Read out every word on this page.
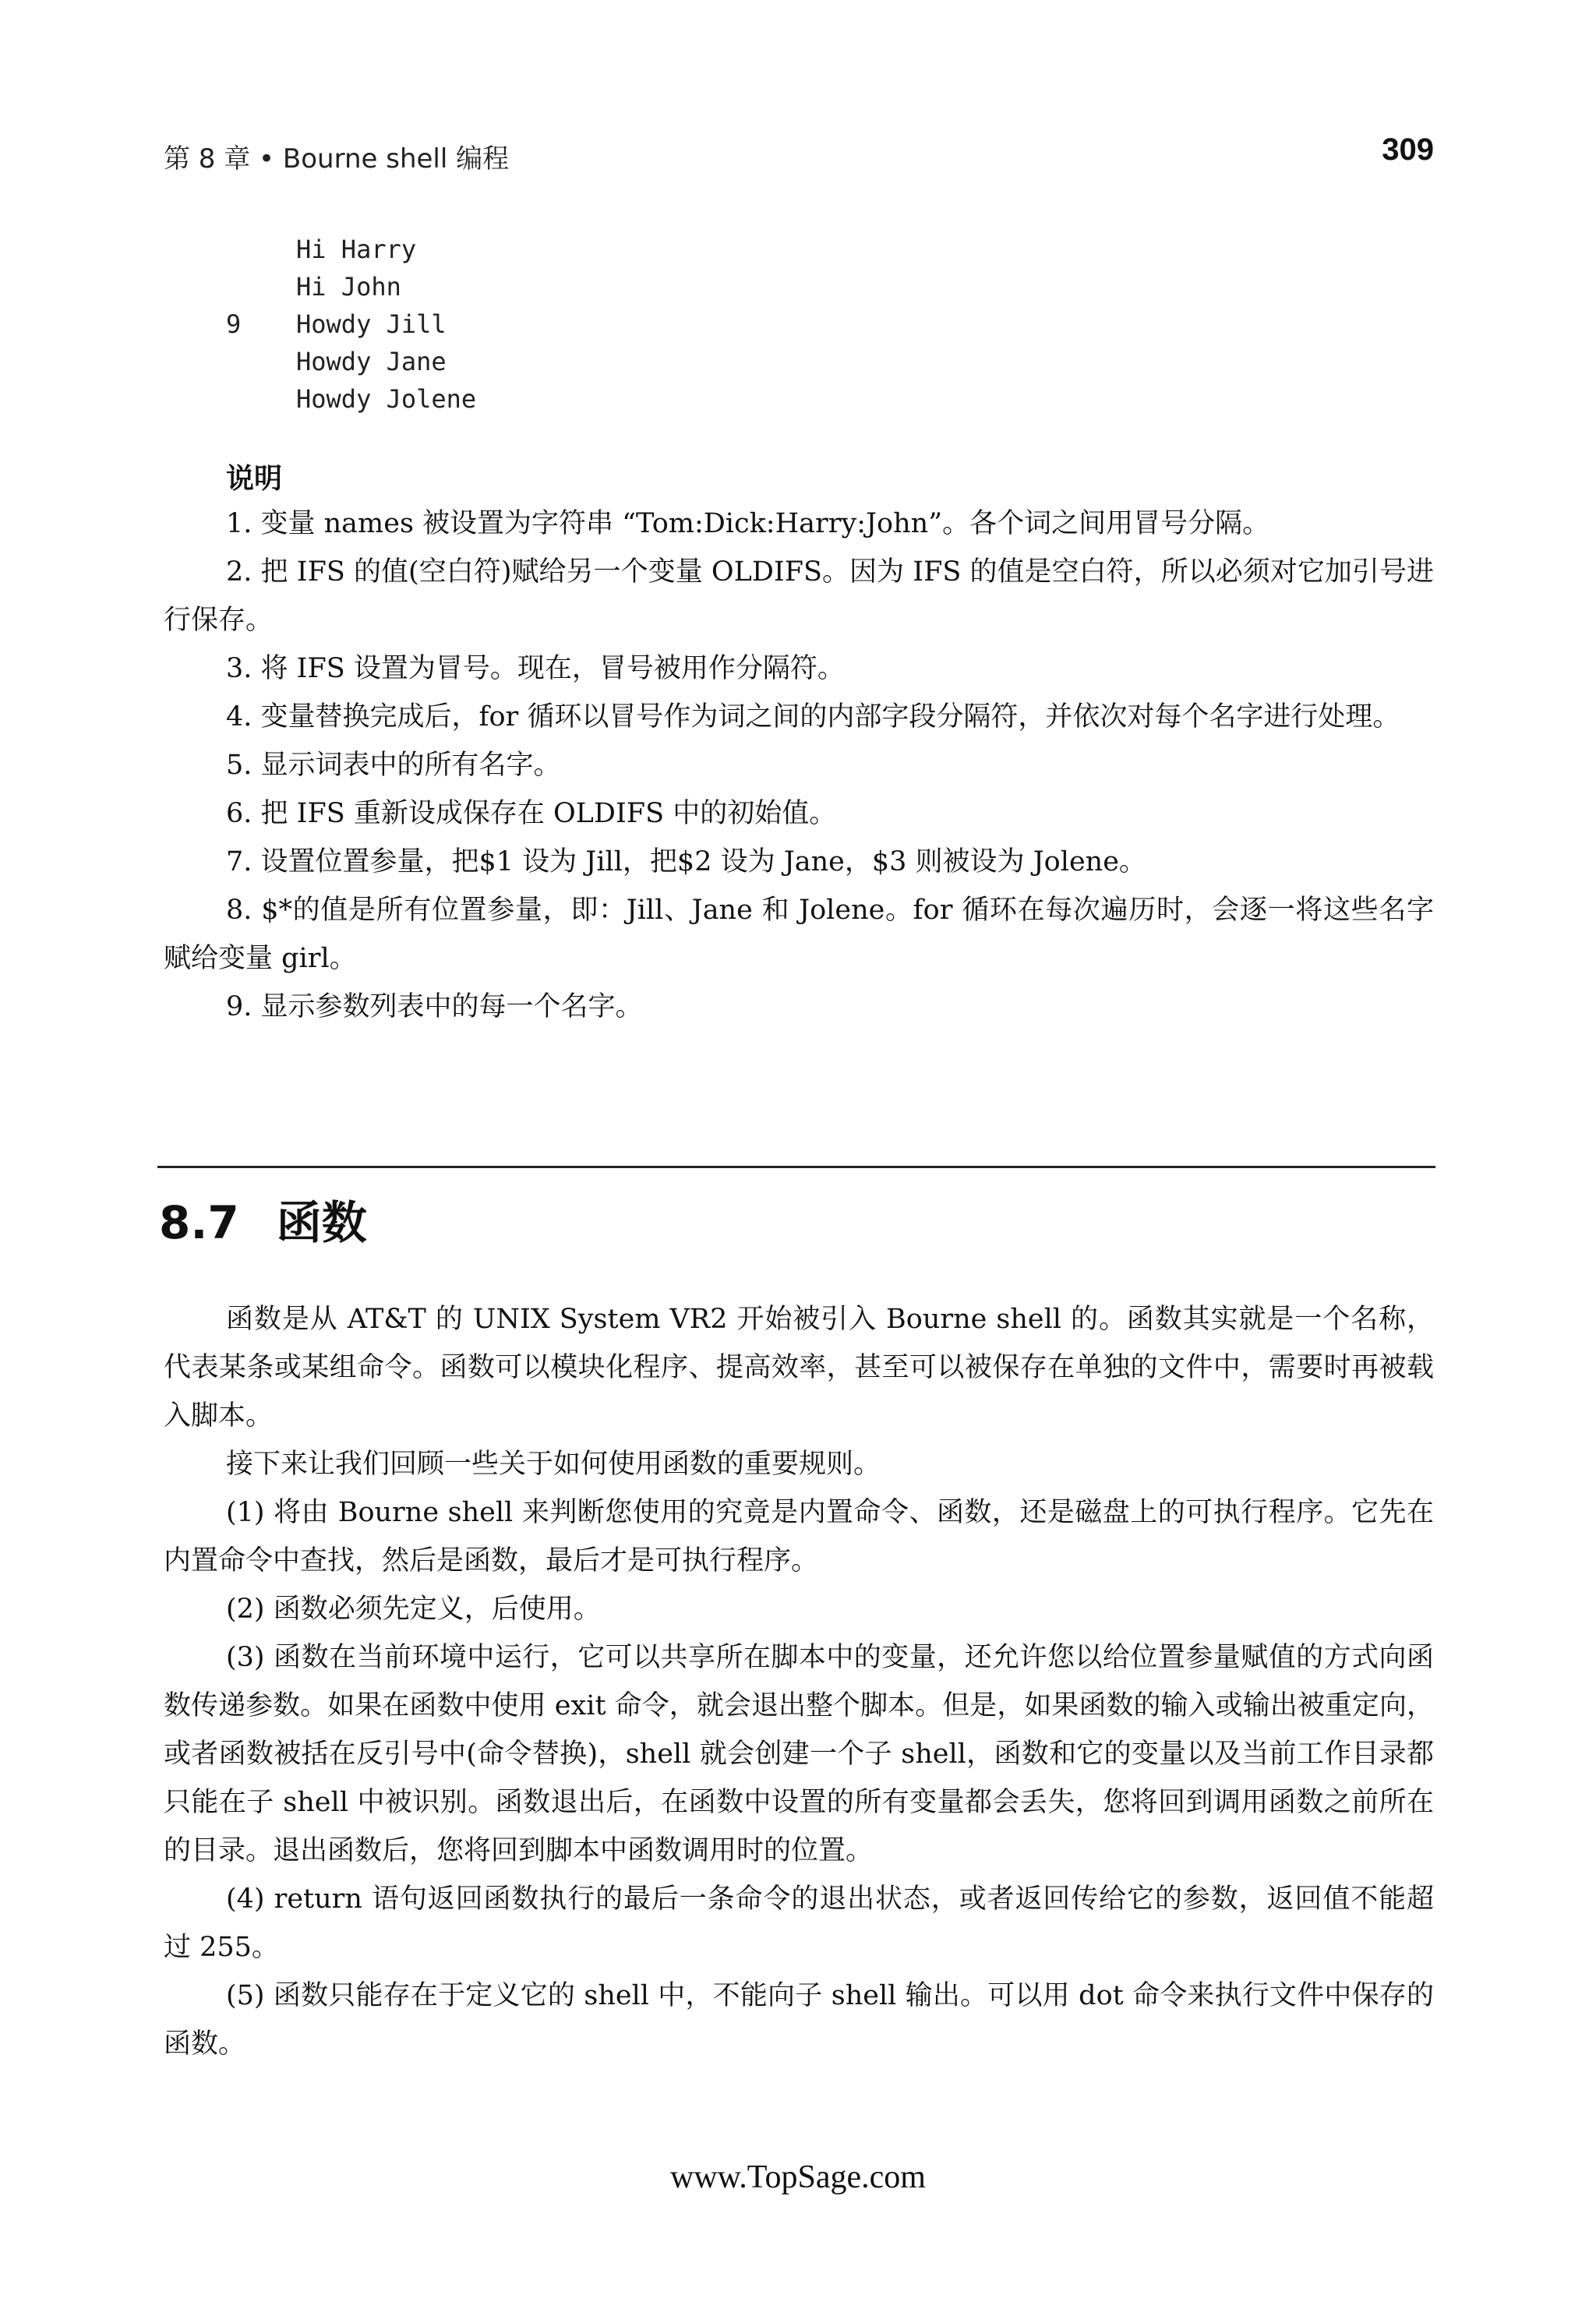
第 8 章 • Bourne shell 编程	309
Hi Harry
Hi John
9 Howdy Jill
Howdy Jane
Howdy Jolene
说明

1. 变量 names 被设置为字符串 “Tom:Dick:Harry:John”。各个词之间用冒号分隔。

2. 把 IFS 的值(空白符)赋给另一个变量 OLDIFS。因为 IFS 的值是空白符，所以必须对它加引号进行保存。

3. 将 IFS 设置为冒号。现在，冒号被用作分隔符。

4. 变量替换完成后，for 循环以冒号作为词之间的内部字段分隔符，并依次对每个名字进行处理。

5. 显示词表中的所有名字。

6. 把 IFS 重新设成保存在 OLDIFS 中的初始值。

7. 设置位置参量，把$1 设为 Jill，把$2 设为 Jane，$3 则被设为 Jolene。

8. $*的值是所有位置参量，即：Jill、Jane 和 Jolene。for 循环在每次遍历时，会逐一将这些名字赋给变量 girl。

9. 显示参数列表中的每一个名字。

8.7 函数

函数是从 AT&T 的 UNIX System VR2 开始被引入 Bourne shell 的。函数其实就是一个名称，代表某条或某组命令。函数可以模块化程序、提高效率，甚至可以被保存在单独的文件中，需要时再被载入脚本。

接下来让我们回顾一些关于如何使用函数的重要规则。

(1) 将由 Bourne shell 来判断您使用的究竟是内置命令、函数，还是磁盘上的可执行程序。它先在内置命令中查找，然后是函数，最后才是可执行程序。

(2) 函数必须先定义，后使用。

(3) 函数在当前环境中运行，它可以共享所在脚本中的变量，还允许您以给位置参量赋值的方式向函数传递参数。如果在函数中使用 exit 命令，就会退出整个脚本。但是，如果函数的输入或输出被重定向，或者函数被括在反引号中(命令替换)，shell 就会创建一个子 shell，函数和它的变量以及当前工作目录都只能在子 shell 中被识别。函数退出后，在函数中设置的所有变量都会丢失，您将回到调用函数之前所在的目录。退出函数后，您将回到脚本中函数调用时的位置。

(4) return 语句返回函数执行的最后一条命令的退出状态，或者返回传给它的参数，返回值不能超过 255。

(5) 函数只能存在于定义它的 shell 中，不能向子 shell 输出。可以用 dot 命令来执行文件中保存的函数。

www.TopSage.com
